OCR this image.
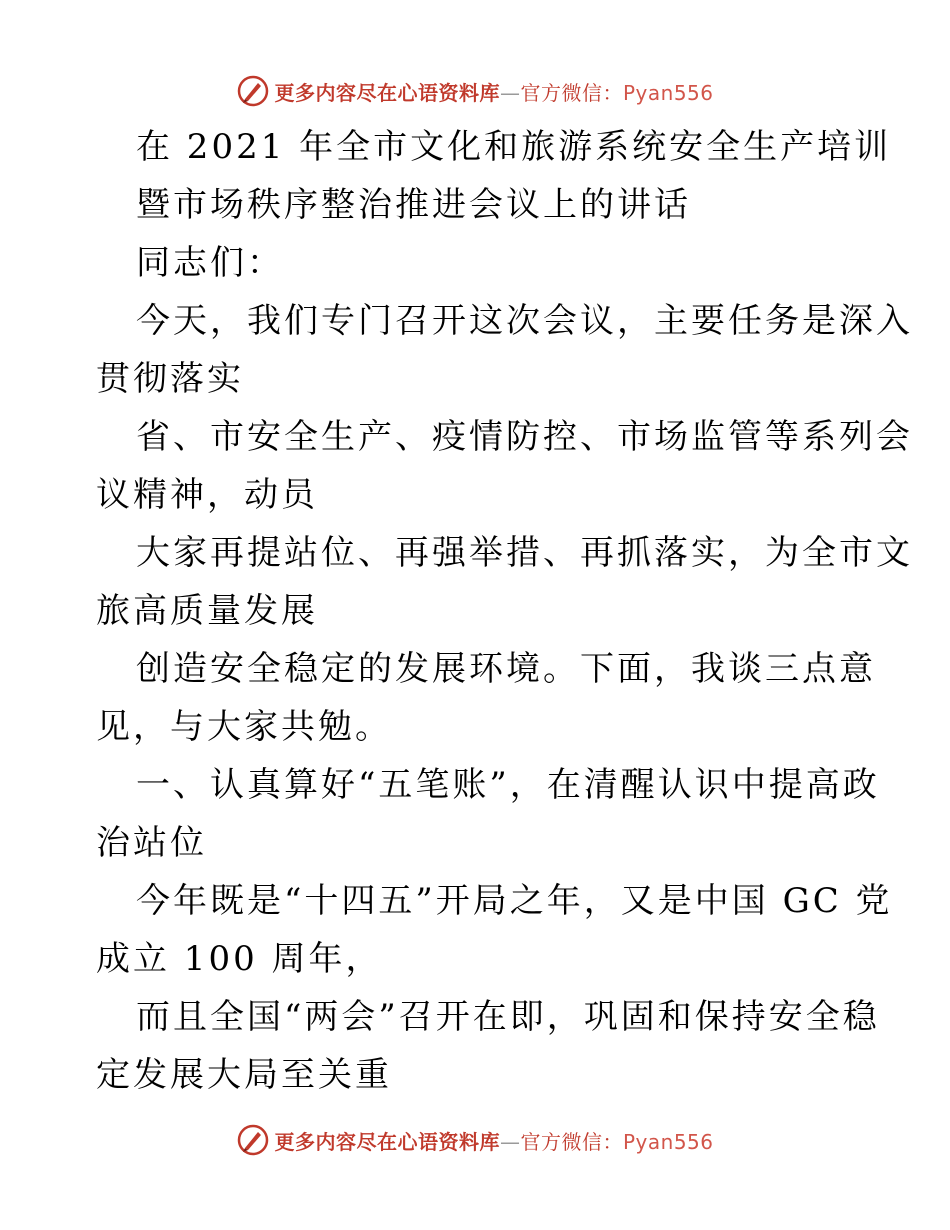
更多内容尽在心语资料库—官方微信：Pyan556
在 2021 年全市文化和旅游系统安全生产培训
暨市场秩序整治推进会议上的讲话
同志们：
今天，我们专门召开这次会议，主要任务是深入
贯彻落实
省、市安全生产、疫情防控、市场监管等系列会
议精神，动员
大家再提站位、再强举措、再抓落实，为全市文
旅高质量发展
创造安全稳定的发展环境。下面，我谈三点意
见，与大家共勉。
一、认真算好“五笔账”，在清醒认识中提高政
治站位
今年既是“十四五”开局之年，又是中国 GC 党
成立 100 周年，
而且全国“两会”召开在即，巩固和保持安全稳
定发展大局至关重
更多内容尽在心语资料库—官方微信：Pyan556
